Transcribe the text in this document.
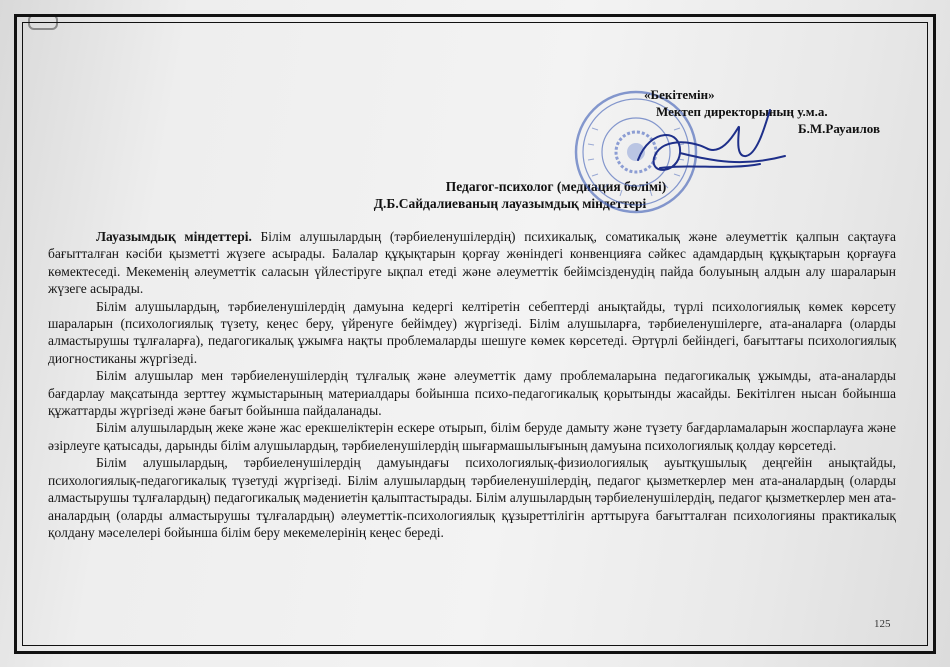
«Бекітемін»
Мектеп директорының у.м.а.
Б.М.Рауаилов
Педагог-психолог (медиация бөлімі)
Д.Б.Сайдалиеваның лауазымдық міндеттері

Лауазымдық міндеттері. Білім алушылардың (тәрбиеленушілердің) психикалық, соматикалық және әлеуметтік қалпын сақтауға бағытталған кәсіби қызметті жүзеге асырады. Балалар құқықтарын қорғау жөніндегі конвенцияға сәйкес адамдардың құқықтарын қорғауға көмектеседі. Мекеменің әлеуметтік саласын үйлестіруге ықпал етеді және әлеуметтік бейімсізденудің пайда болуының алдын алу шараларын жүзеге асырады.

Білім алушылардың, тәрбиеленушілердің дамуына кедергі келтіретін себептерді анықтайды, түрлі психологиялық көмек көрсету шараларын (психологиялық түзету, кеңес беру, үйренуге бейімдеу) жүргізеді. Білім алушыларға, тәрбиеленушілерге, ата-аналарға (оларды алмастырушы тұлғаларға), педагогикалық ұжымға нақты проблемаларды шешуге көмек көрсетеді. Әртүрлі бейіндегі, бағыттағы психологиялық диогностиканы жүргізеді.

Білім алушылар мен тәрбиеленушілердің тұлғалық және әлеуметтік даму проблемаларына педагогикалық ұжымды, ата-аналарды бағдарлау мақсатында зерттеу жұмыстарының материалдары бойынша психо-педагогикалық қорытынды жасайды. Бекітілген нысан бойынша құжаттарды жүргізеді және бағыт бойынша пайдаланады.

Білім алушылардың жеке және жас ерекшеліктерін ескере отырып, білім беруде дамыту және түзету бағдарламаларын жоспарлауға және әзірлеуге қатысады, дарынды білім алушылардың, тәрбиеленушілердің шығармашылығының дамуына психологиялық қолдау көрсетеді.

Білім алушылардың, тәрбиеленушілердің дамуындағы психологиялық-физиологиялық ауытқушылық деңгейін анықтайды, психологиялық-педагогикалық түзетуді жүргізеді. Білім алушылардың тәрбиеленушілердің, педагог қызметкерлер мен ата-аналардың (оларды алмастырушы тұлғалардың) педагогикалық мәдениетін қалыптастырады. Білім алушылардың тәрбиеленушілердің, педагог қызметкерлер мен ата-аналардың (оларды алмастырушы тұлғалардың) әлеуметтік-психологиялық құзыреттілігін арттыруға бағытталған психологияны практикалық қолдану мәселелері бойынша білім беру мекемелерінің кеңес береді.

125
